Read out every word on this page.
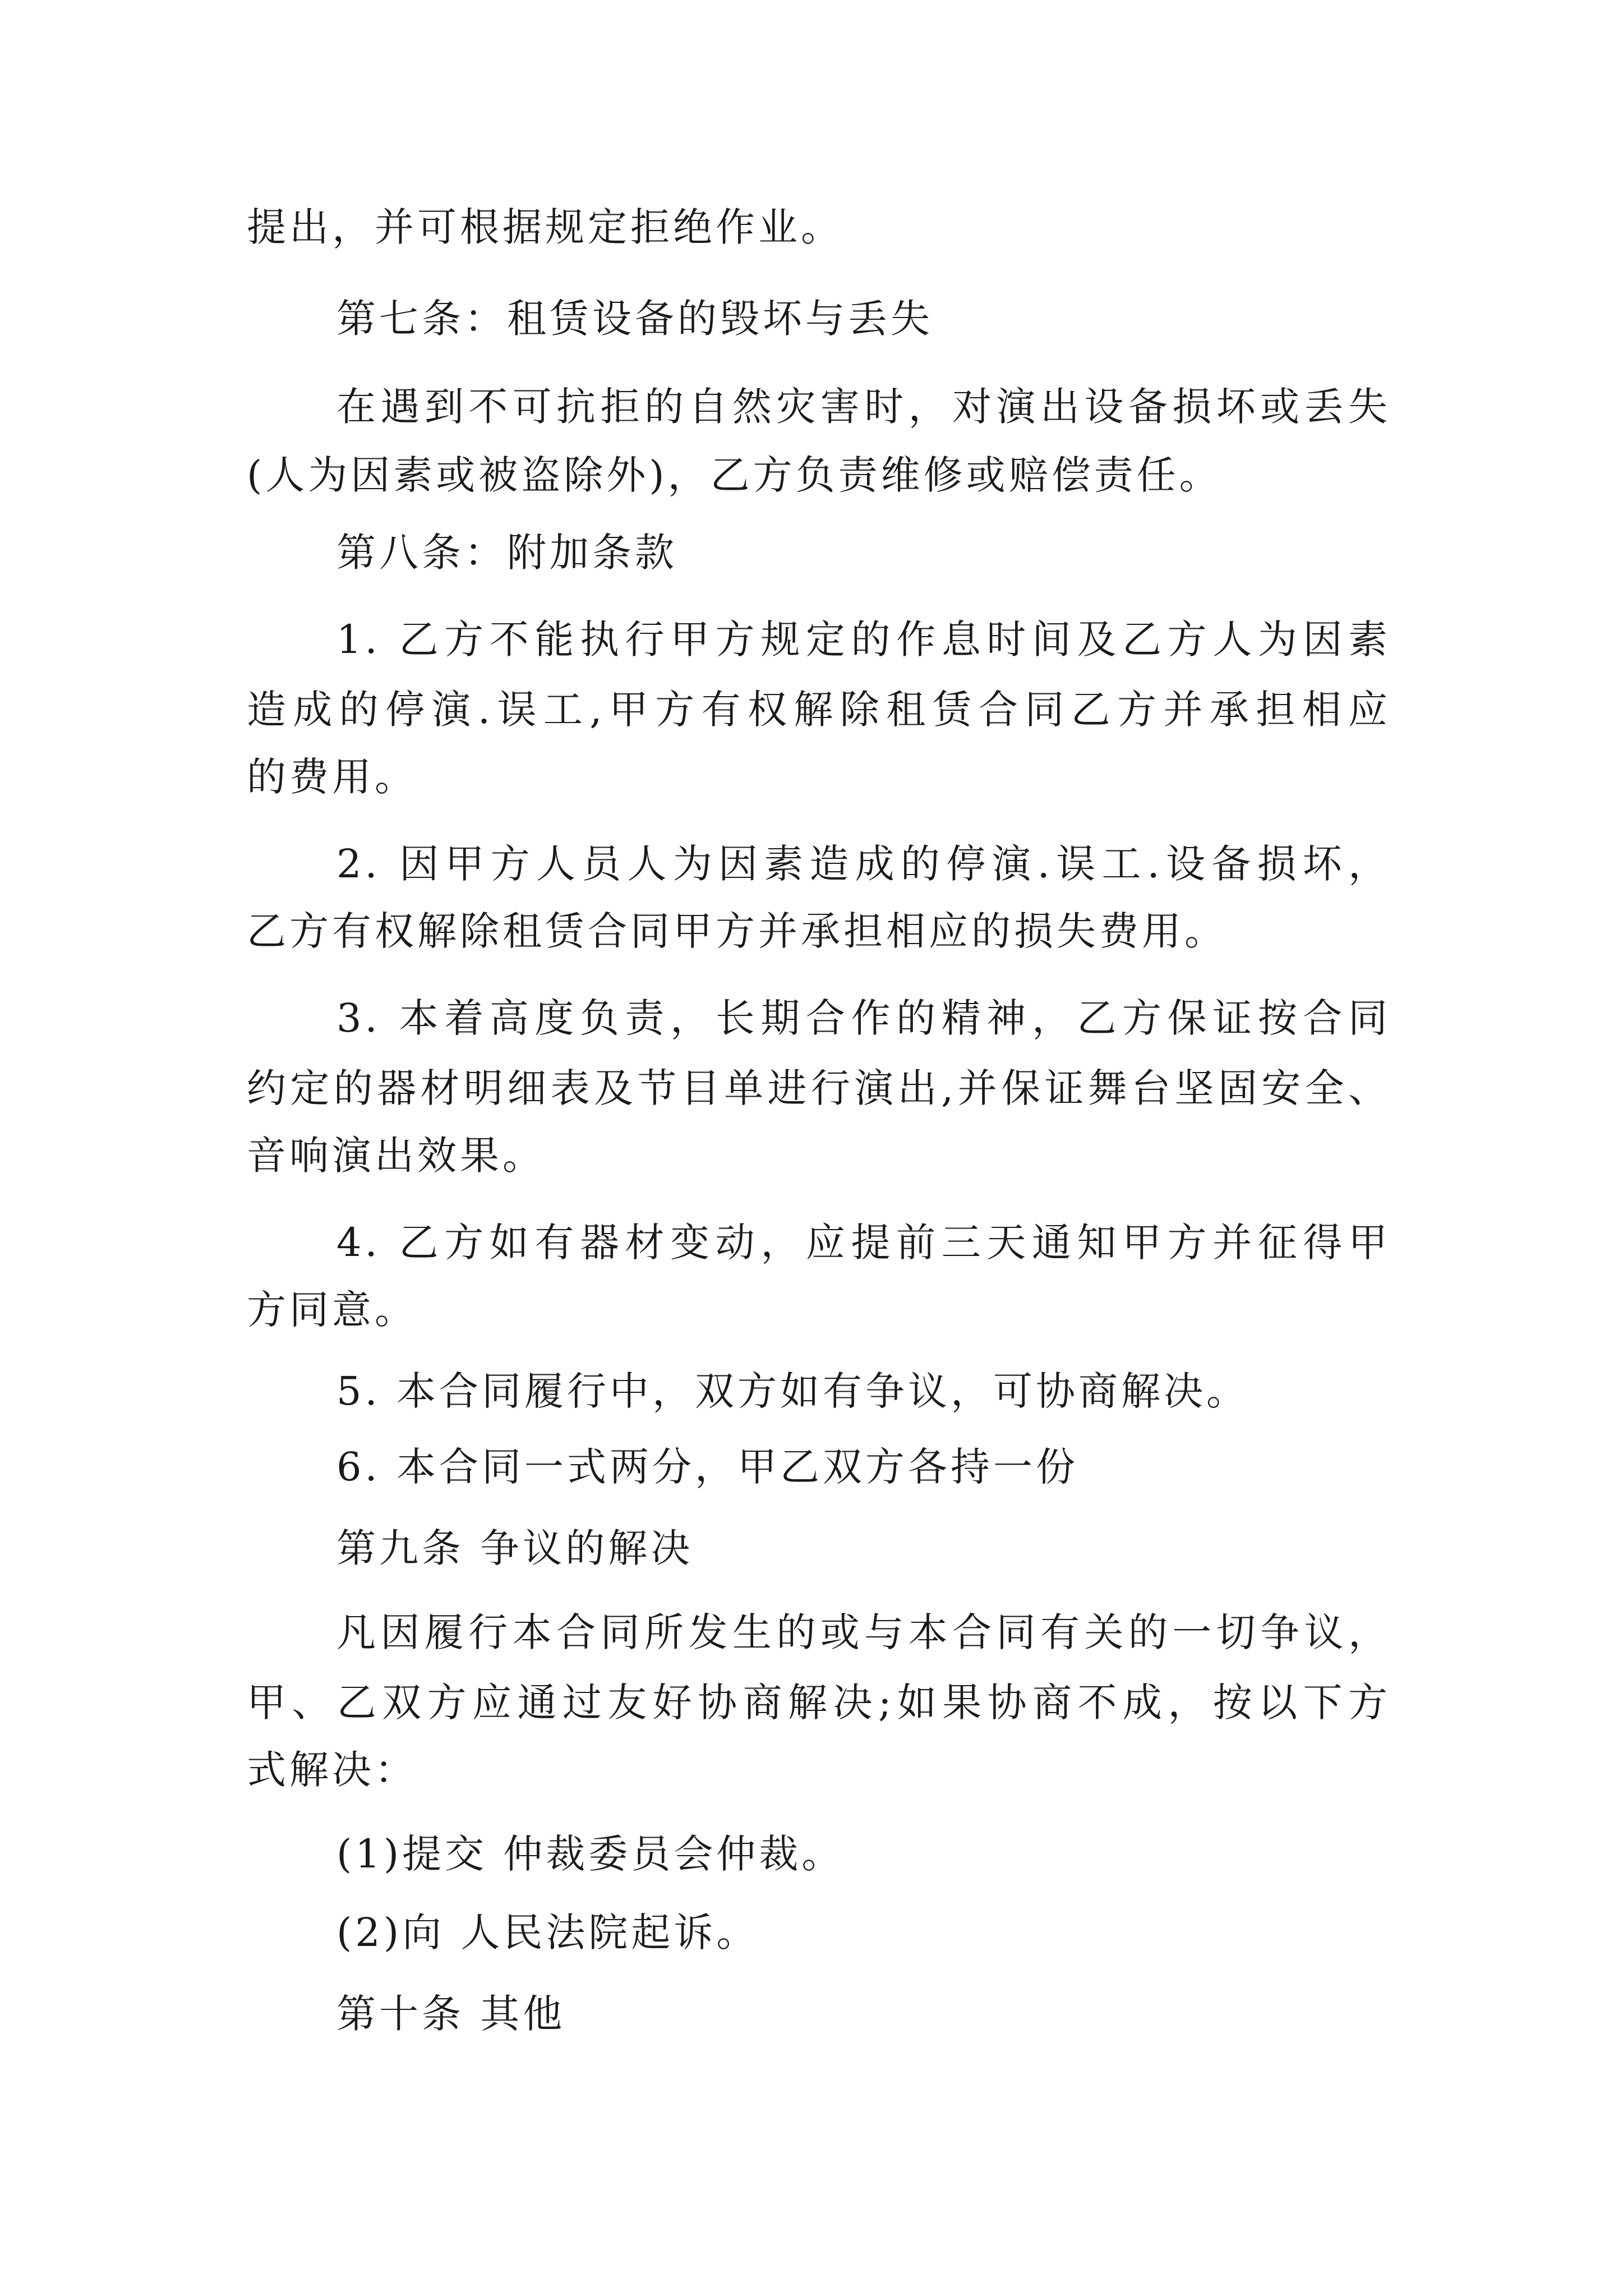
提出，并可根据规定拒绝作业。
第七条：租赁设备的毁坏与丢失
在遇到不可抗拒的自然灾害时，对演出设备损坏或丢失
(人为因素或被盗除外)，乙方负责维修或赔偿责任。
第八条：附加条款
1. 乙方不能执行甲方规定的作息时间及乙方人为因素
造成的停演.误工,甲方有权解除租赁合同乙方并承担相应
的费用。
2. 因甲方人员人为因素造成的停演.误工.设备损坏，
乙方有权解除租赁合同甲方并承担相应的损失费用。
3. 本着高度负责，长期合作的精神，乙方保证按合同
约定的器材明细表及节目单进行演出,并保证舞台坚固安全、
音响演出效果。
4. 乙方如有器材变动，应提前三天通知甲方并征得甲
方同意。
5. 本合同履行中，双方如有争议，可协商解决。
6. 本合同一式两分，甲乙双方各持一份
第九条 争议的解决
凡因履行本合同所发生的或与本合同有关的一切争议，
甲、乙双方应通过友好协商解决;如果协商不成，按以下方
式解决：
(1)提交 仲裁委员会仲裁。
(2)向 人民法院起诉。
第十条 其他
